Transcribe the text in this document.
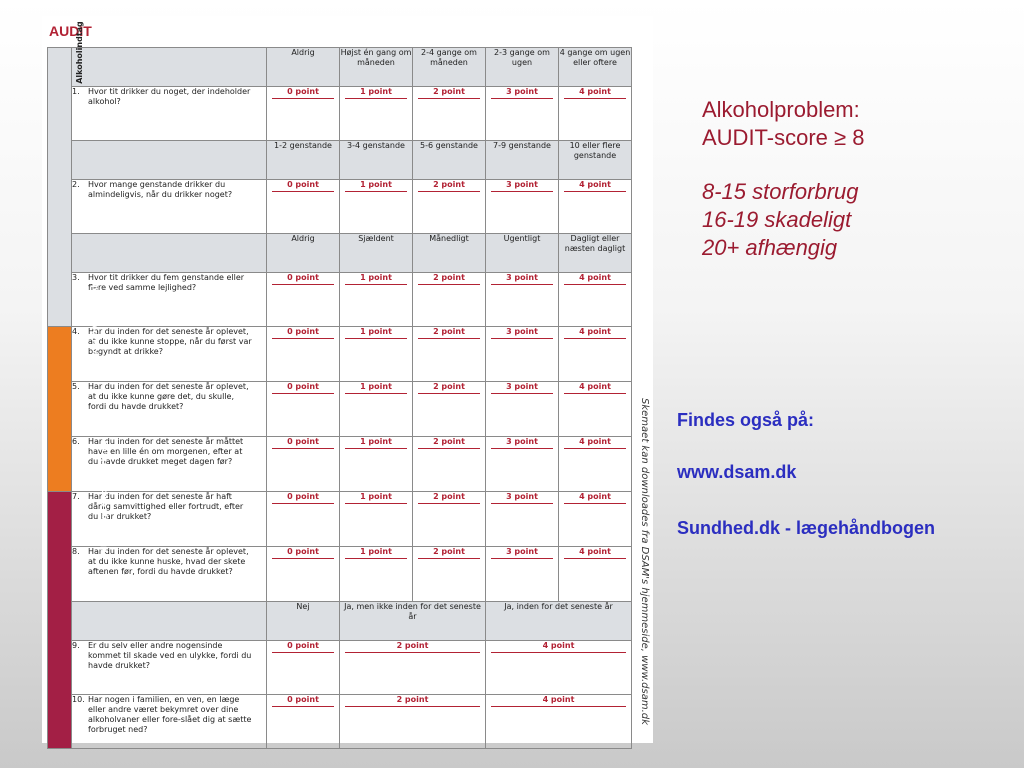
AUDIT
Alkoholindtag		Aldrig	Højst én gang om måneden	2-4 gange om måneden	2-3 gange om ugen	4 gange om ugen eller oftere
	1. Hvor tit drikker du noget, der indeholder alkohol?	0 point	1 point	2 point	3 point	4 point

		1-2 genstande	3-4 genstande	5-6 genstande	7-9 genstande	10 eller flere genstande
	2. Hvor mange genstande drikker du almindeligvis, når du drikker noget?	0 point	1 point	2 point	3 point	4 point

		Aldrig	Sjældent	Månedligt	Ugentligt	Dagligt eller næsten dagligt
	3. Hvor tit drikker du fem genstande eller flere ved samme lejlighed?	0 point	1 point	2 point	3 point	4 point

Alkoholafhængighed	4. Har du inden for det seneste år oplevet, at du ikke kunne stoppe, når du først var begyndt at drikke?	0 point	1 point	2 point	3 point	4 point

	5. Har du inden for det seneste år oplevet, at du ikke kunne gøre det, du skulle, fordi du havde drukket?	0 point	1 point	2 point	3 point	4 point

	6. Har du inden for det seneste år måttet have en lille én om morgenen, efter at du havde drukket meget dagen før?	0 point	1 point	2 point	3 point	4 point

Skadeligt alkoholforbrug	7. Har du inden for det seneste år haft dårlig samvittighed eller fortrudt, efter du har drukket?	0 point	1 point	2 point	3 point	4 point

	8. Har du inden for det seneste år oplevet, at du ikke kunne huske, hvad der skete aftenen før, fordi du havde drukket?	0 point	1 point	2 point	3 point	4 point

		Nej	Ja, men ikke inden for det seneste år		Ja, inden for det seneste år	
	9. Er du selv eller andre nogensinde kommet til skade ved en ulykke, fordi du havde drukket?	0 point	2 point		4 point	

	10. Har nogen i familien, en ven, en læge eller andre været bekymret over dine alkoholvaner eller fore-slået dig at sætte forbruget ned?	0 point	2 point		4 point		Skemaet kan downloades fra DSAM's hjemmeside, www.dsam.dk
Alkoholproblem:
AUDIT-score ≥ 8
8-15 storforbrug
16-19 skadeligt
20+ afhængig
Findes også på:
www.dsam.dk
Sundhed.dk - lægehåndbogen
